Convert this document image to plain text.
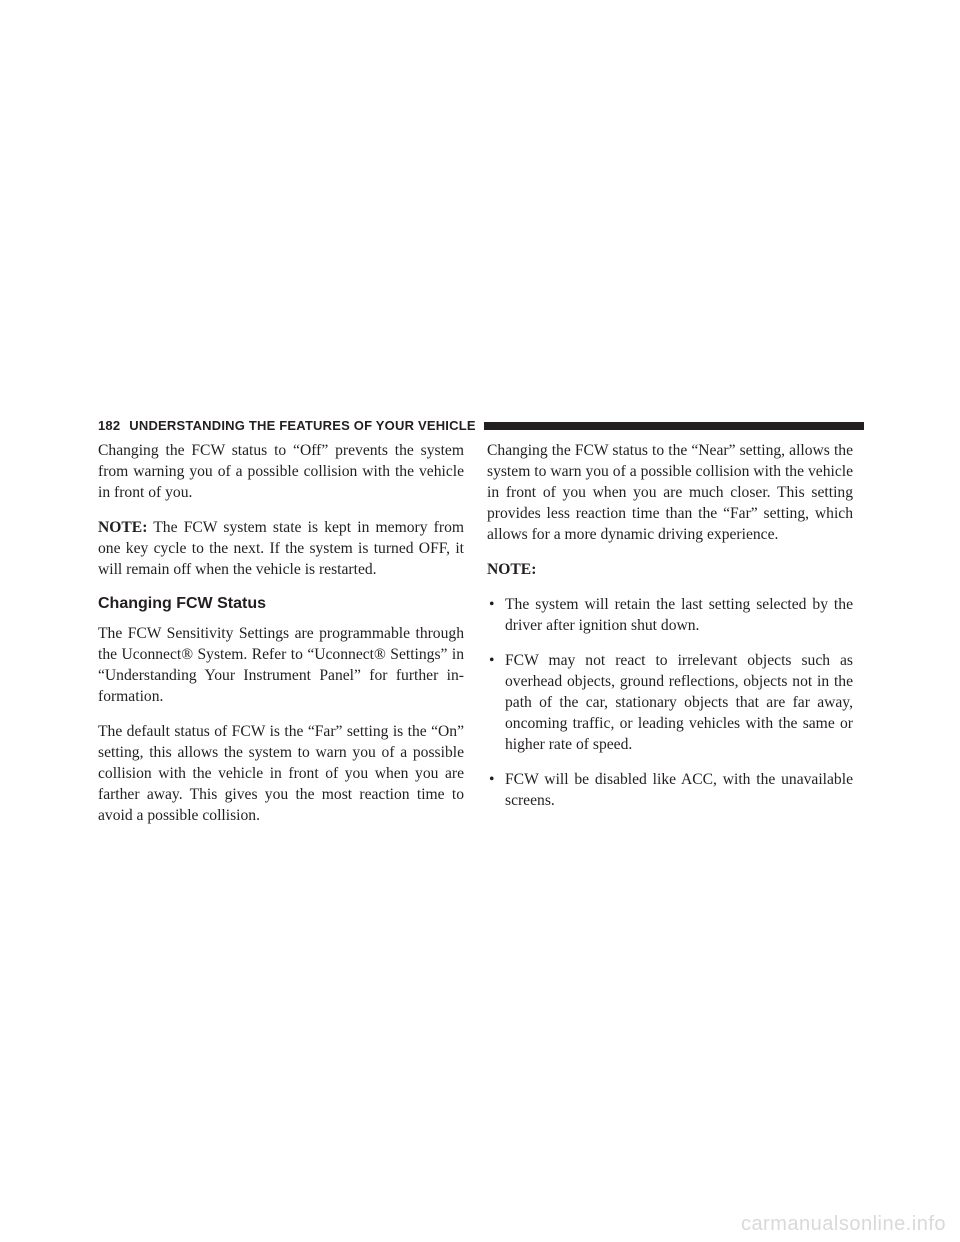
182 UNDERSTANDING THE FEATURES OF YOUR VEHICLE

Changing the FCW status to “Off” prevents the system from warning you of a possible collision with the vehicle in front of you.

NOTE: The FCW system state is kept in memory from one key cycle to the next. If the system is turned OFF, it will remain off when the vehicle is restarted.

Changing FCW Status

The FCW Sensitivity Settings are programmable through the Uconnect® System. Refer to “Uconnect® Settings” in “Understanding Your Instrument Panel” for further in-formation.

The default status of FCW is the “Far” setting is the “On” setting, this allows the system to warn you of a possible collision with the vehicle in front of you when you are farther away. This gives you the most reaction time to avoid a possible collision.

Changing the FCW status to the “Near” setting, allows the system to warn you of a possible collision with the vehicle in front of you when you are much closer. This setting provides less reaction time than the “Far” setting, which allows for a more dynamic driving experience.

NOTE:

• The system will retain the last setting selected by the driver after ignition shut down.
• FCW may not react to irrelevant objects such as overhead objects, ground reflections, objects not in the path of the car, stationary objects that are far away, oncoming traffic, or leading vehicles with the same or higher rate of speed.
• FCW will be disabled like ACC, with the unavailable screens.
carmanualsonline.info
